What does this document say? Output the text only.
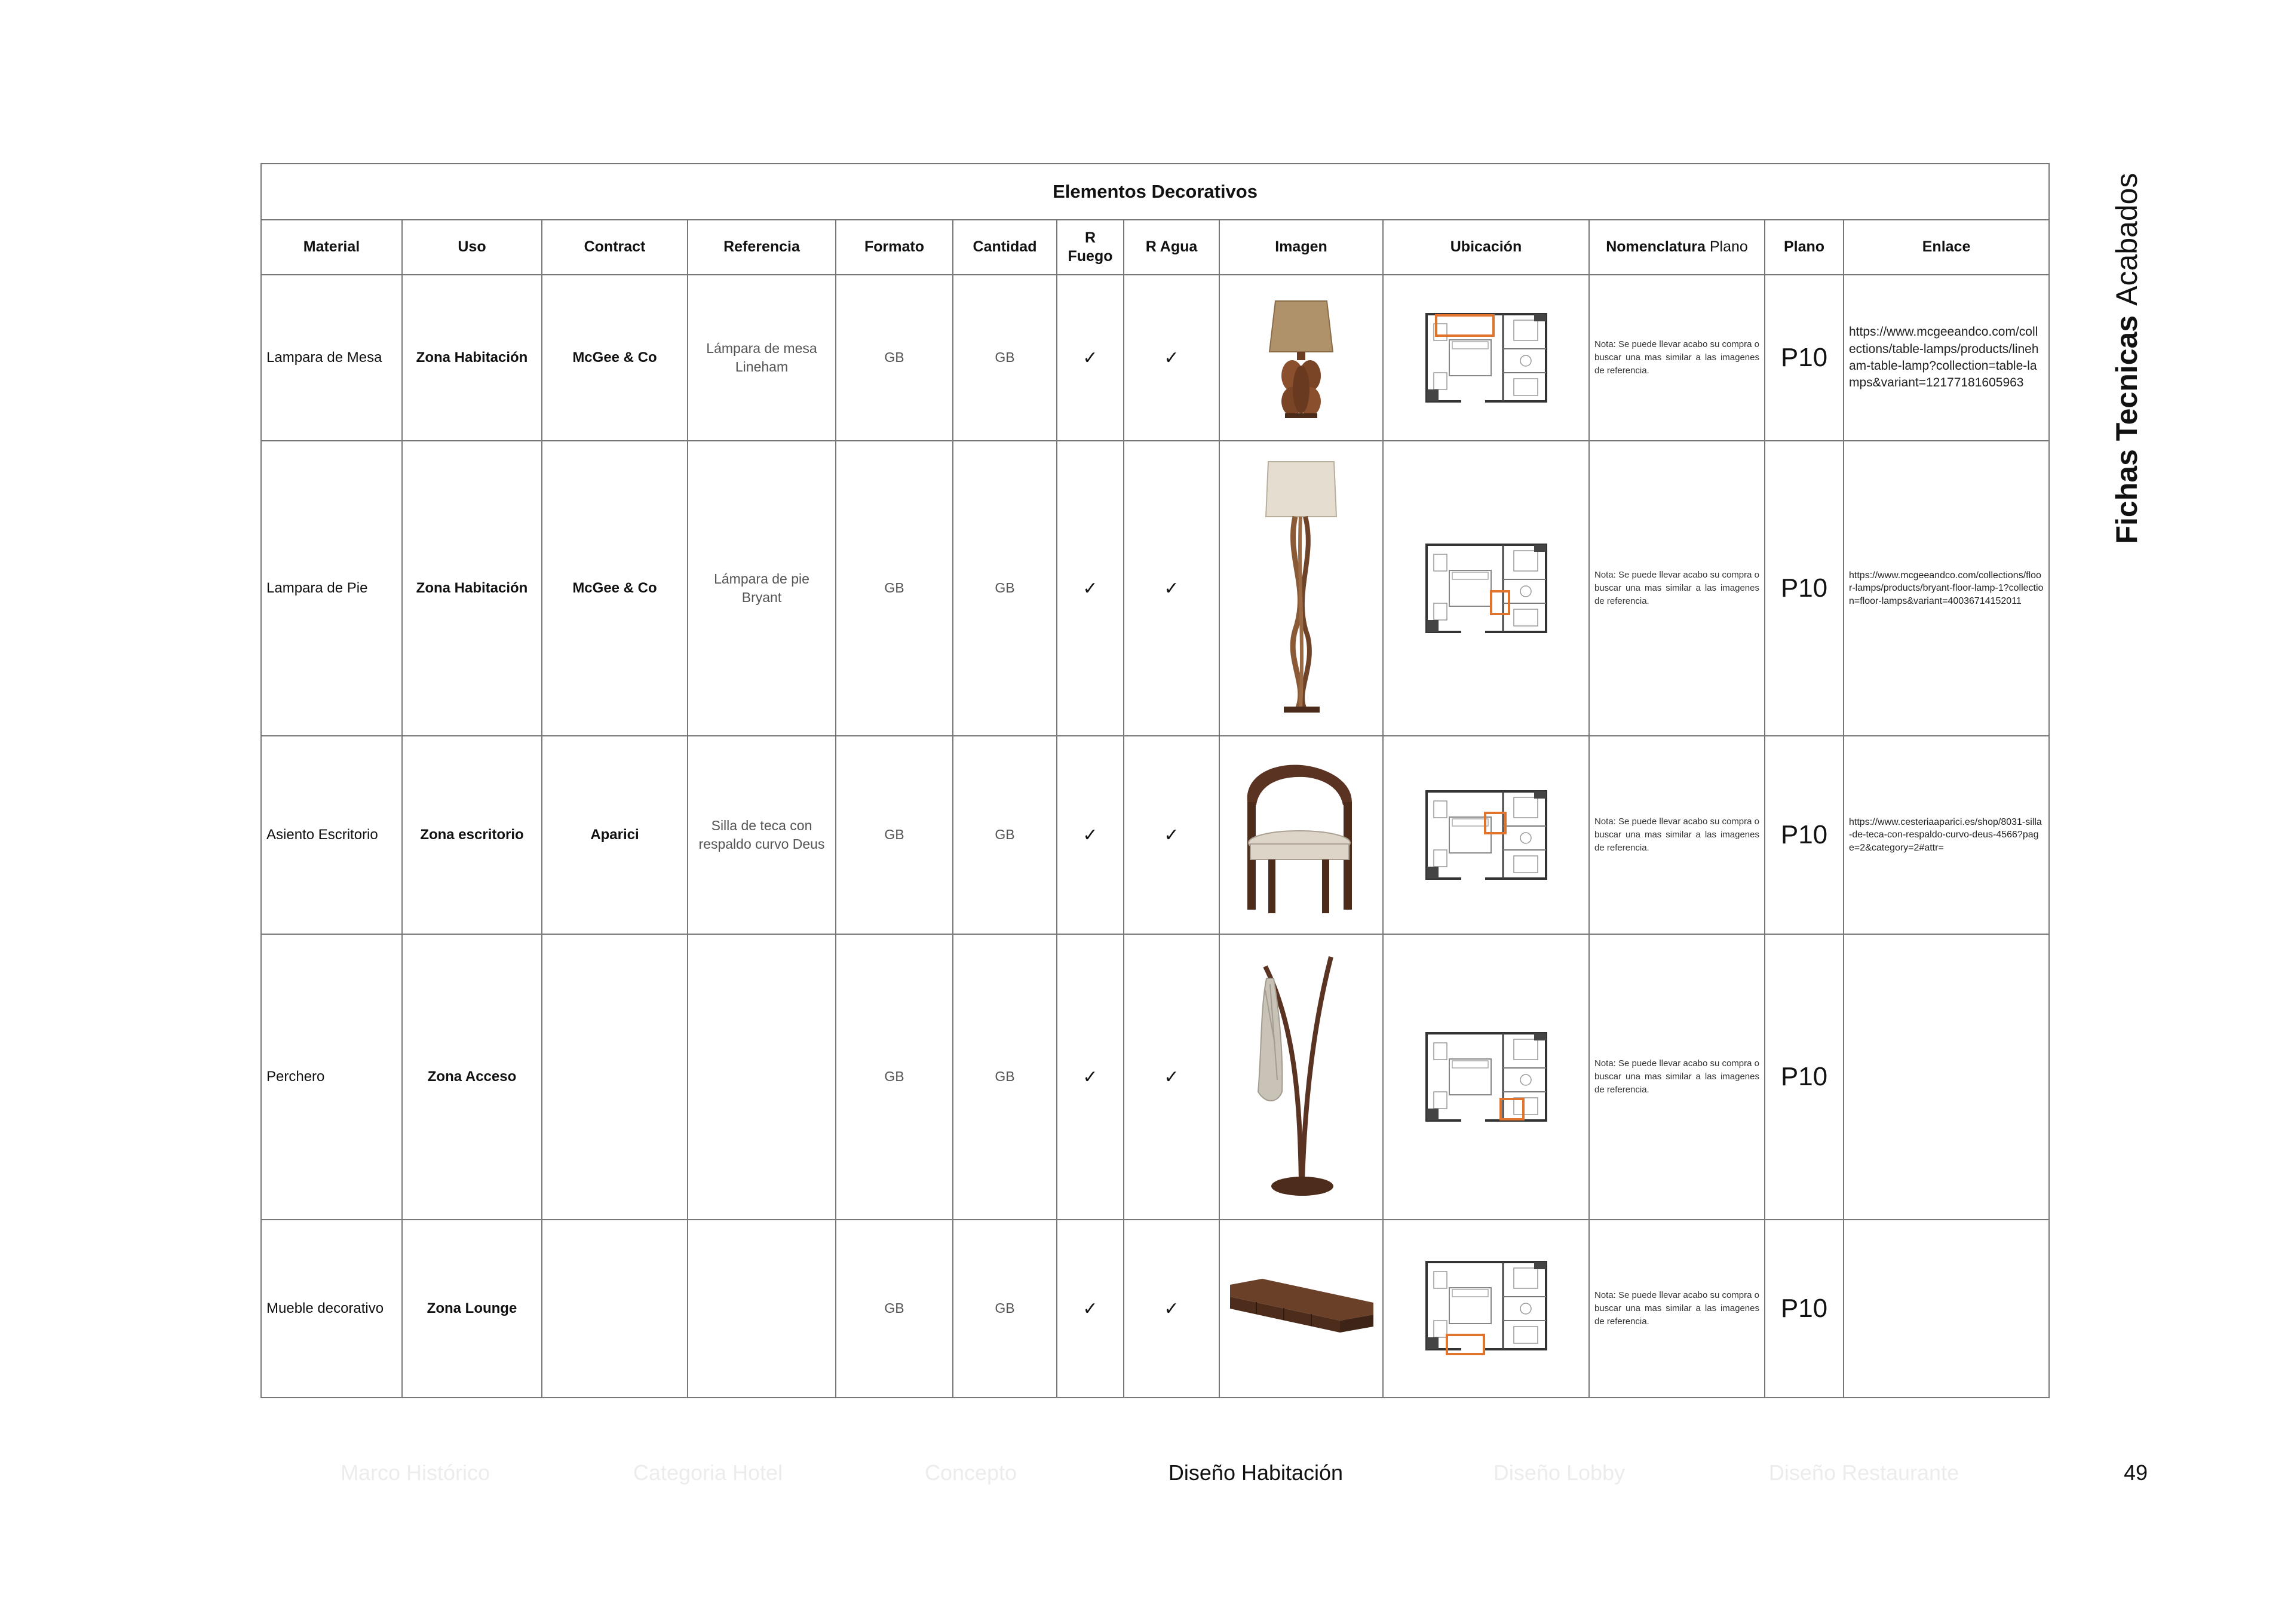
Fichas Tecnicas
Acabados
Elementos Decorativos												
Material	Uso	Contract	Referencia	Formato	Cantidad	R Fuego	R Agua	Imagen	Ubicación	Nomenclatura Plano	Plano	Enlace
Lampara de Mesa	Zona Habitación	McGee & Co	Lámpara de mesa Lineham	GB	GB	✓	✓			Nota: Se puede llevar acabo su compra o buscar una mas similar a las imagenes de referencia.	P10	https://www.mcgeeandco.com/collections/table-lamps/products/lineham-table-lamp?collection=table-lamps&variant=12177181605963
Lampara de Pie	Zona Habitación	McGee & Co	Lámpara de pie Bryant	GB	GB	✓	✓			Nota: Se puede llevar acabo su compra o buscar una mas similar a las imagenes de referencia.	P10	https://www.mcgeeandco.com/collections/floor-lamps/products/bryant-floor-lamp-1?collection=floor-lamps&variant=40036714152011
Asiento Escritorio	Zona escritorio	Aparici	Silla de teca con respaldo curvo Deus	GB	GB	✓	✓			Nota: Se puede llevar acabo su compra o buscar una mas similar a las imagenes de referencia.	P10	https://www.cesteriaaparici.es/shop/8031-silla-de-teca-con-respaldo-curvo-deus-4566?page=2&category=2#attr=
Perchero	Zona Acceso			GB	GB	✓	✓			Nota: Se puede llevar acabo su compra o buscar una mas similar a las imagenes de referencia.	P10	
Mueble decorativo	Zona Lounge			GB	GB	✓	✓			Nota: Se puede llevar acabo su compra o buscar una mas similar a las imagenes de referencia.	P10	
Marco Histórico	Categoria Hotel	Concepto	Diseño Habitación	Diseño Lobby	Diseño Restaurante	49
